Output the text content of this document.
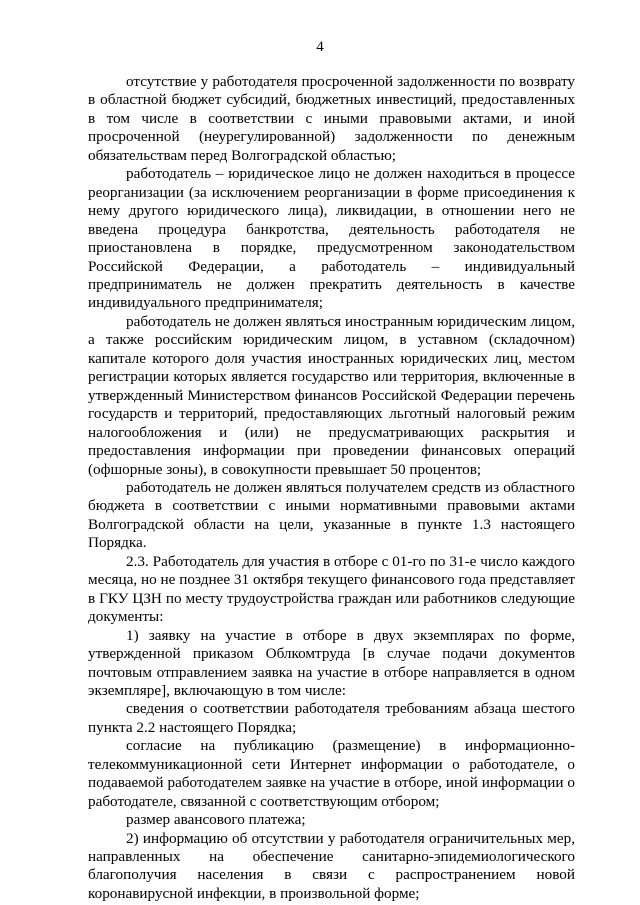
4

отсутствие у работодателя просроченной задолженности по возврату в областной бюджет субсидий, бюджетных инвестиций, предоставленных в том числе в соответствии с иными правовыми актами, и иной просроченной (неурегулированной) задолженности по денежным обязательствам перед Волгоградской областью;

работодатель – юридическое лицо не должен находиться в процессе реорганизации (за исключением реорганизации в форме присоединения к нему другого юридического лица), ликвидации, в отношении него не введена процедура банкротства, деятельность работодателя не приостановлена в порядке, предусмотренном законодательством Российской Федерации, а работодатель – индивидуальный предприниматель не должен прекратить деятельность в качестве индивидуального предпринимателя;

работодатель не должен являться иностранным юридическим лицом, а также российским юридическим лицом, в уставном (складочном) капитале которого доля участия иностранных юридических лиц, местом регистрации которых является государство или территория, включенные в утвержденный Министерством финансов Российской Федерации перечень государств и территорий, предоставляющих льготный налоговый режим налогообложения и (или) не предусматривающих раскрытия и предоставления информации при проведении финансовых операций (офшорные зоны), в совокупности превышает 50 процентов;

работодатель не должен являться получателем средств из областного бюджета в соответствии с иными нормативными правовыми актами Волгоградской области на цели, указанные в пункте 1.3 настоящего Порядка.

2.3. Работодатель для участия в отборе с 01-го по 31-е число каждого месяца, но не позднее 31 октября текущего финансового года представляет в ГКУ ЦЗН по месту трудоустройства граждан или работников следующие документы:

1) заявку на участие в отборе в двух экземплярах по форме, утвержденной приказом Облкомтруда [в случае подачи документов почтовым отправлением заявка на участие в отборе направляется в одном экземпляре], включающую в том числе:

сведения о соответствии работодателя требованиям абзаца шестого пункта 2.2 настоящего Порядка;

согласие на публикацию (размещение) в информационно-телекоммуникационной сети Интернет информации о работодателе, о подаваемой работодателем заявке на участие в отборе, иной информации о работодателе, связанной с соответствующим отбором;

размер авансового платежа;

2) информацию об отсутствии у работодателя ограничительных мер, направленных на обеспечение санитарно-эпидемиологического благополучия населения в связи с распространением новой коронавирусной инфекции, в произвольной форме;
